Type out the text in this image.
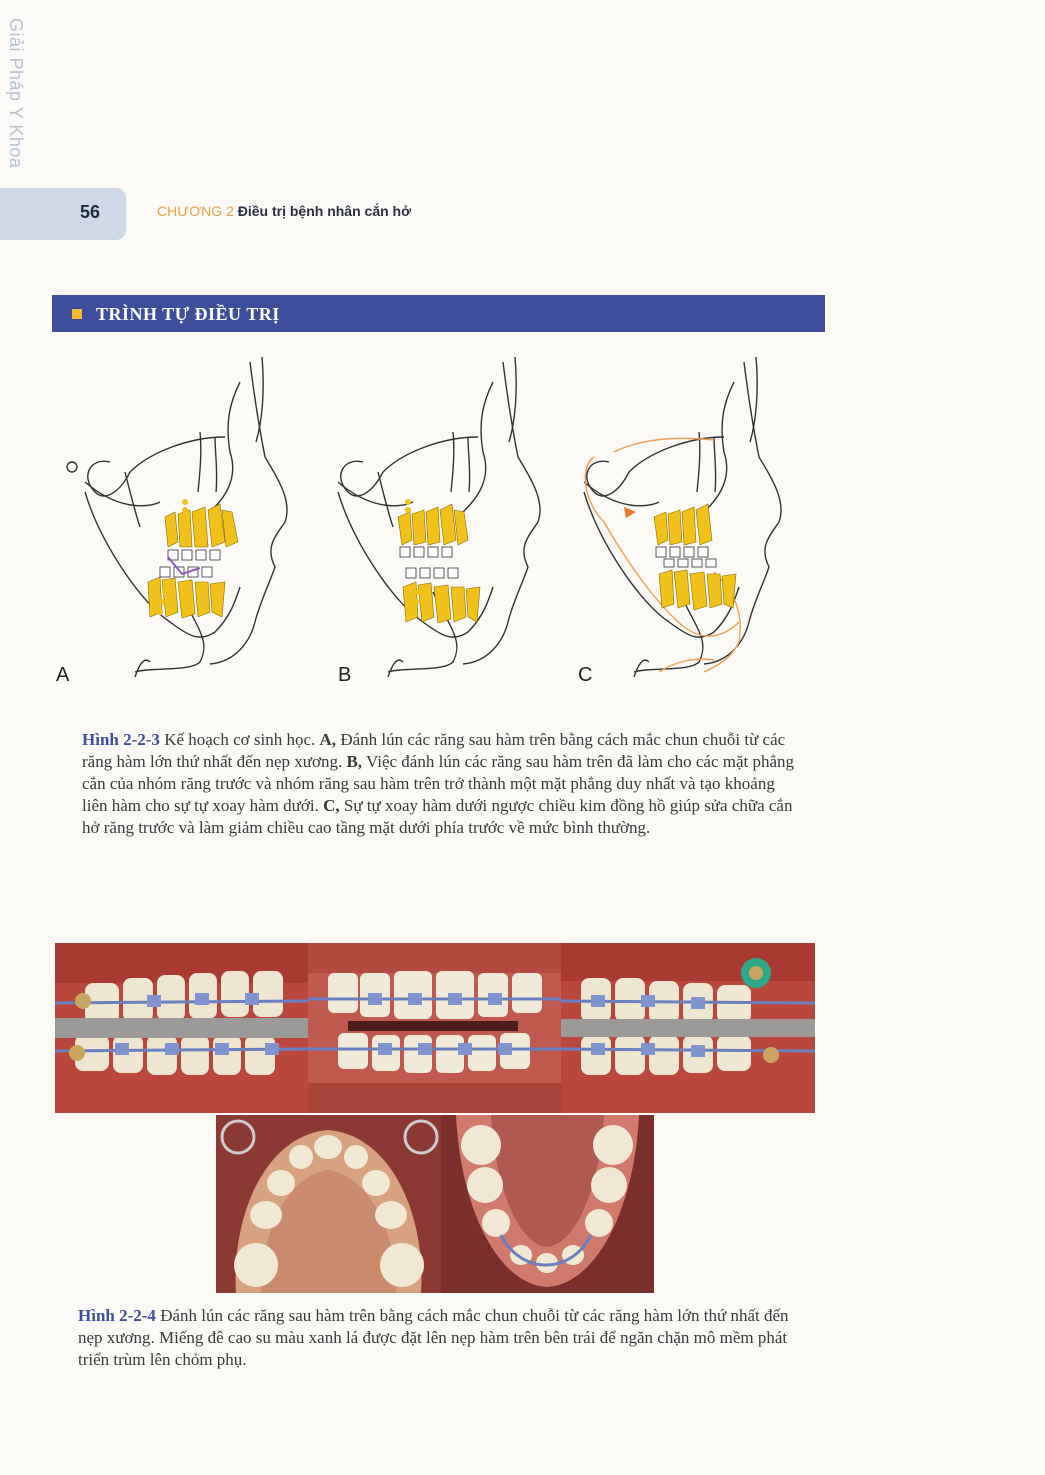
Giải Pháp Y Khoa
56	CHƯƠNG 2 Điều trị bệnh nhân cắn hở
TRÌNH TỰ ĐIỀU TRỊ
A	B	C
Hình 2-2-3 Kế hoạch cơ sinh học. A, Đánh lún các răng sau hàm trên bằng cách mắc chun chuỗi từ các răng hàm lớn thứ nhất đến nẹp xương. B, Việc đánh lún các răng sau hàm trên đã làm cho các mặt phẳng cắn của nhóm răng trước và nhóm răng sau hàm trên trở thành một mặt phẳng duy nhất và tạo khoảng liên hàm cho sự tự xoay hàm dưới. C, Sự tự xoay hàm dưới ngược chiều kim đồng hồ giúp sửa chữa cắn hở răng trước và làm giảm chiều cao tầng mặt dưới phía trước về mức bình thường.
Hình 2-2-4 Đánh lún các răng sau hàm trên bằng cách mắc chun chuỗi từ các răng hàm lớn thứ nhất đến nẹp xương. Miếng đê cao su màu xanh lá được đặt lên nẹp hàm trên bên trái để ngăn chặn mô mềm phát triển trùm lên chỏm phụ.
